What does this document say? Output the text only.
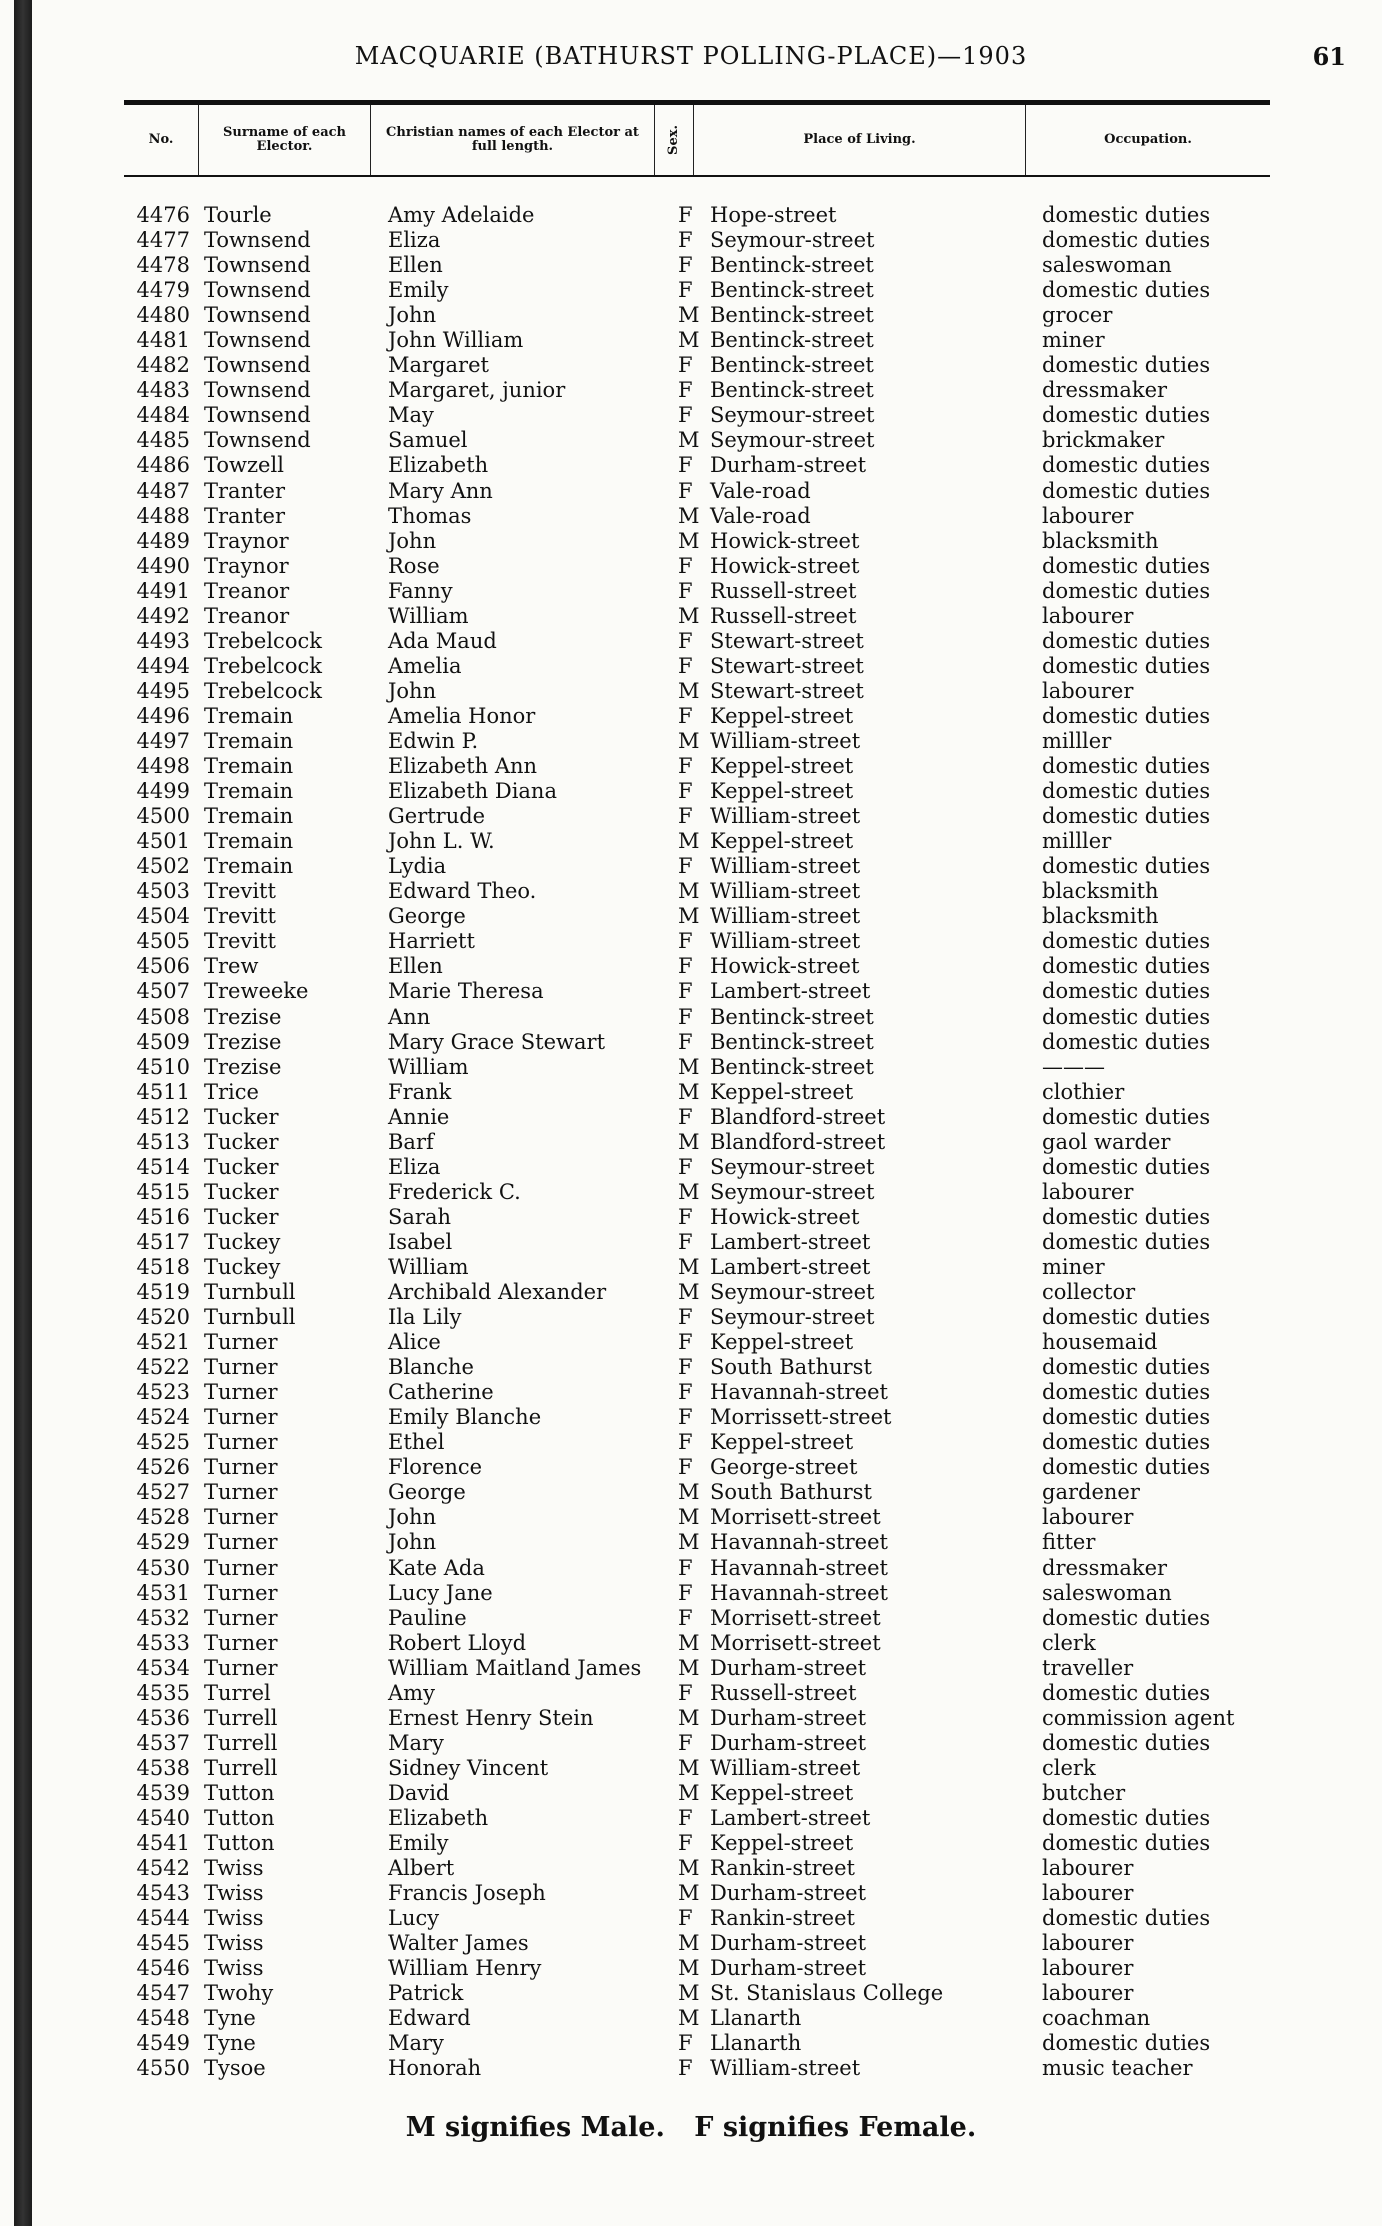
MACQUARIE (BATHURST POLLING-PLACE)—1903	61
No.	Surname of each Elector.
Christian names of each Elector at full length.	Sex.	Place of Living.	Occupation.
4476 Tourle	Amy Adelaide	F Hope-street	domestic duties
4477 Townsend	Eliza	F Seymour-street	domestic duties
4478 Townsend	Ellen	F Bentinck-street	saleswoman
4479 Townsend	Emily	F Bentinck-street	domestic duties
4480 Townsend	John	M Bentinck-street	grocer
4481 Townsend	John William	M Bentinck-street	miner
4482 Townsend	Margaret	F Bentinck-street	domestic duties
4483 Townsend	Margaret, junior	F Bentinck-street	dressmaker
4484 Townsend	May	F Seymour-street	domestic duties
4485 Townsend	Samuel	M Seymour-street	brickmaker
4486 Towzell	Elizabeth	F Durham-street	domestic duties
4487 Tranter	Mary Ann	F Vale-road	domestic duties
4488 Tranter	Thomas	M Vale-road	labourer
4489 Traynor	John	M Howick-street	blacksmith
4490 Traynor	Rose	F Howick-street	domestic duties
4491 Treanor	Fanny	F Russell-street	domestic duties
4492 Treanor	William	M Russell-street	labourer
4493 Trebelcock	Ada Maud	F Stewart-street	domestic duties
4494 Trebelcock	Amelia	F Stewart-street	domestic duties
4495 Trebelcock	John	M Stewart-street	labourer
4496 Tremain	Amelia Honor	F Keppel-street	domestic duties
4497 Tremain	Edwin P.	M William-street	milller
4498 Tremain	Elizabeth Ann	F Keppel-street	domestic duties
4499 Tremain	Elizabeth Diana	F Keppel-street	domestic duties
4500 Tremain	Gertrude	F William-street	domestic duties
4501 Tremain	John L. W.	M Keppel-street	milller
4502 Tremain	Lydia	F William-street	domestic duties
4503 Trevitt	Edward Theo.	M William-street	blacksmith
4504 Trevitt	George	M William-street	blacksmith
4505 Trevitt	Harriett	F William-street	domestic duties
4506 Trew	Ellen	F Howick-street	domestic duties
4507 Treweeke	Marie Theresa	F Lambert-street	domestic duties
4508 Trezise	Ann	F Bentinck-street	domestic duties
4509 Trezise	Mary Grace Stewart	F Bentinck-street	domestic duties
4510 Trezise	William	M Bentinck-street	———
4511 Trice	Frank	M Keppel-street	clothier
4512 Tucker	Annie	F Blandford-street	domestic duties
4513 Tucker	Barf	M Blandford-street	gaol warder
4514 Tucker	Eliza	F Seymour-street	domestic duties
4515 Tucker	Frederick C.	M Seymour-street	labourer
4516 Tucker	Sarah	F Howick-street	domestic duties
4517 Tuckey	Isabel	F Lambert-street	domestic duties
4518 Tuckey	William	M Lambert-street	miner
4519 Turnbull	Archibald Alexander	M Seymour-street	collector
4520 Turnbull	Ila Lily	F Seymour-street	domestic duties
4521 Turner	Alice	F Keppel-street	housemaid
4522 Turner	Blanche	F South Bathurst	domestic duties
4523 Turner	Catherine	F Havannah-street	domestic duties
4524 Turner	Emily Blanche	F Morrissett-street	domestic duties
4525 Turner	Ethel	F Keppel-street	domestic duties
4526 Turner	Florence	F George-street	domestic duties
4527 Turner	George	M South Bathurst	gardener
4528 Turner	John	M Morrisett-street	labourer
4529 Turner	John	M Havannah-street	fitter
4530 Turner	Kate Ada	F Havannah-street	dressmaker
4531 Turner	Lucy Jane	F Havannah-street	saleswoman
4532 Turner	Pauline	F Morrisett-street	domestic duties
4533 Turner	Robert Lloyd	M Morrisett-street	clerk
4534 Turner	William Maitland James	M Durham-street	traveller
4535 Turrel	Amy	F Russell-street	domestic duties
4536 Turrell	Ernest Henry Stein	M Durham-street	commission agent
4537 Turrell	Mary	F Durham-street	domestic duties
4538 Turrell	Sidney Vincent	M William-street	clerk
4539 Tutton	David	M Keppel-street	butcher
4540 Tutton	Elizabeth	F Lambert-street	domestic duties
4541 Tutton	Emily	F Keppel-street	domestic duties
4542 Twiss	Albert	M Rankin-street	labourer
4543 Twiss	Francis Joseph	M Durham-street	labourer
4544 Twiss	Lucy	F Rankin-street	domestic duties
4545 Twiss	Walter James	M Durham-street	labourer
4546 Twiss	William Henry	M Durham-street	labourer
4547 Twohy	Patrick	M St. Stanislaus College	labourer
4548 Tyne	Edward	M Llanarth	coachman
4549 Tyne	Mary	F Llanarth	domestic duties
4550 Tysoe	Honorah	F William-street	music teacher
M signifies Male. F signifies Female.
